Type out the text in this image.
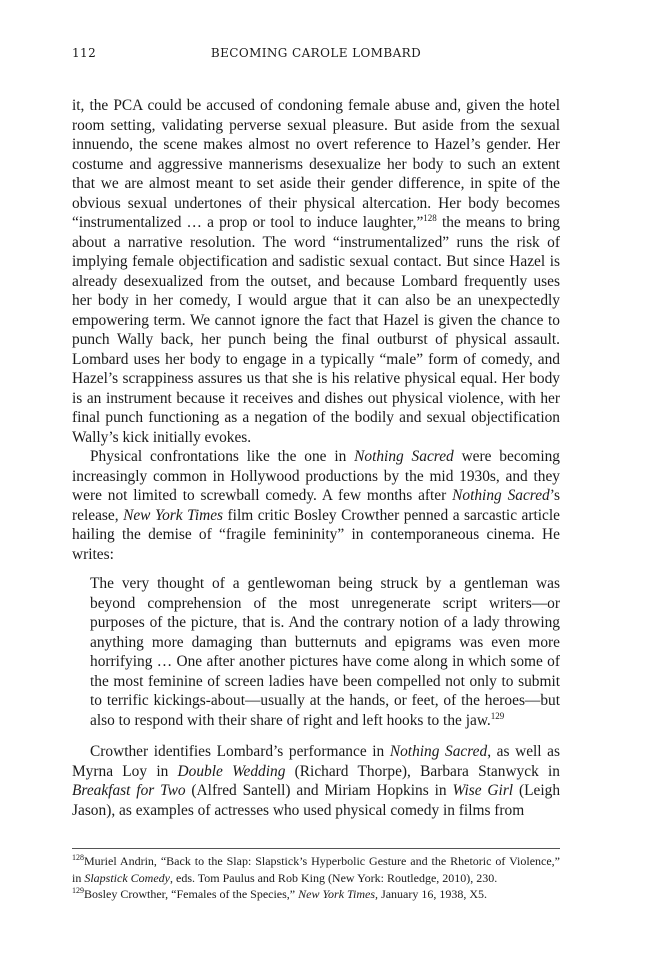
112	BECOMING CAROLE LOMBARD

it, the PCA could be accused of condoning female abuse and, given the hotel room setting, validating perverse sexual pleasure. But aside from the sexual innuendo, the scene makes almost no overt reference to Hazel’s gender. Her costume and aggressive mannerisms desexualize her body to such an extent that we are almost meant to set aside their gender difference, in spite of the obvious sexual undertones of their physical altercation. Her body becomes “instrumentalized … a prop or tool to induce laughter,”$^{128}$ the means to bring about a narrative resolution. The word “instrumentalized” runs the risk of implying female objectification and sadistic sexual contact. But since Hazel is already desexualized from the outset, and because Lombard frequently uses her body in her comedy, I would argue that it can also be an unexpectedly empowering term. We cannot ignore the fact that Hazel is given the chance to punch Wally back, her punch being the final outburst of physical assault. Lombard uses her body to engage in a typically “male” form of comedy, and Hazel’s scrappiness assures us that she is his relative physical equal. Her body is an instrument because it receives and dishes out physical violence, with her final punch functioning as a negation of the bodily and sexual objectification Wally’s kick initially evokes.

Physical confrontations like the one in Nothing Sacred were becoming increasingly common in Hollywood productions by the mid 1930s, and they were not limited to screwball comedy. A few months after Nothing Sacred’s release, New York Times film critic Bosley Crowther penned a sarcastic article hailing the demise of “fragile femininity” in contemporaneous cinema. He writes:

The very thought of a gentlewoman being struck by a gentleman was beyond comprehension of the most unregenerate script writers—or purposes of the picture, that is. And the contrary notion of a lady throwing anything more damaging than butternuts and epigrams was even more horrifying … One after another pictures have come along in which some of the most feminine of screen ladies have been compelled not only to submit to terrific kickings-about—usually at the hands, or feet, of the heroes—but also to respond with their share of right and left hooks to the jaw.$^{129}$

Crowther identifies Lombard’s performance in Nothing Sacred, as well as Myrna Loy in Double Wedding (Richard Thorpe), Barbara Stanwyck in Breakfast for Two (Alfred Santell) and Miriam Hopkins in Wise Girl (Leigh Jason), as examples of actresses who used physical comedy in films from

$^{128}$Muriel Andrin, “Back to the Slap: Slapstick’s Hyperbolic Gesture and the Rhetoric of Violence,” in Slapstick Comedy, eds. Tom Paulus and Rob King (New York: Routledge, 2010), 230.

$^{129}$Bosley Crowther, “Females of the Species,” New York Times, January 16, 1938, X5.
